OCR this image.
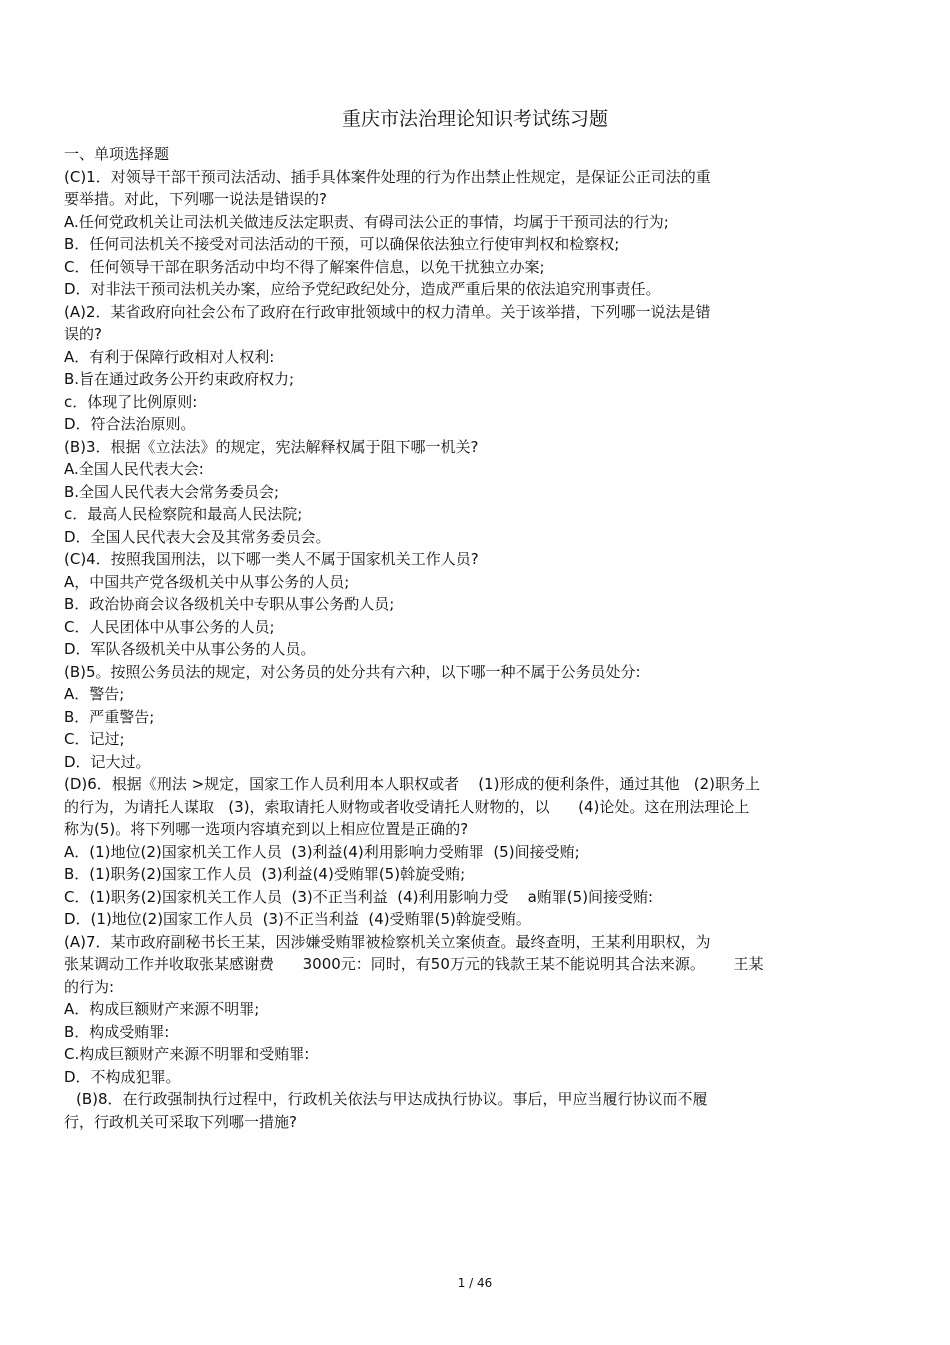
重庆市法治理论知识考试练习题
一、单项选择题
(C)1．对领导干部干预司法活动、插手具体案件处理的行为作出禁止性规定，是保证公正司法的重
要举措。对此，下列哪一说法是错误的?
A.任何党政机关让司法机关做违反法定职责、有碍司法公正的事情，均属于干预司法的行为;
B．任何司法机关不接受对司法活动的干预，可以确保依法独立行使审判权和检察权;
C．任何领导干部在职务活动中均不得了解案件信息，以免干扰独立办案;
D．对非法干预司法机关办案，应给予党纪政纪处分，造成严重后果的依法追究刑事责任。
(A)2．某省政府向社会公布了政府在行政审批领域中的权力清单。关于该举措，下列哪一说法是错
误的?
A．有利于保障行政相对人权利:
B.旨在通过政务公开约束政府权力;
c．体现了比例原则:
D．符合法治原则。
(B)3．根据《立法法》的规定，宪法解释权属于阻下哪一机关?
A.全国人民代表大会:
B.全国人民代表大会常务委员会;
c．最高人民检察院和最高人民法院;
D．全国人民代表大会及其常务委员会。
(C)4．按照我国刑法，以下哪一类人不属于国家机关工作人员?
A，中国共产党各级机关中从事公务的人员;
B．政治协商会议各级机关中专职从事公务酌人员;
C．人民团体中从事公务的人员;
D．军队各级机关中从事公务的人员。
(B)5。按照公务员法的规定，对公务员的处分共有六种，以下哪一种不属于公务员处分:
A．警告;
B．严重警告;
C．记过;
D．记大过。
(D)6．根据《刑法 >规定，国家工作人员利用本人职权或者    (1)形成的便利条件，通过其他   (2)职务上
的行为，为请托人谋取   (3)，索取请托人财物或者收受请托人财物的，以      (4)论处。这在刑法理论上
称为(5)。将下列哪一选项内容填充到以上相应位置是正确的?
A．(1)地位(2)国家机关工作人员  (3)利益(4)利用影响力受贿罪  (5)间接受贿;
B．(1)职务(2)国家工作人员  (3)利益(4)受贿罪(5)斡旋受贿;
C．(1)职务(2)国家机关工作人员  (3)不正当利益  (4)利用影响力受    a贿罪(5)间接受贿:
D．(1)地位(2)国家工作人员  (3)不正当利益  (4)受贿罪(5)斡旋受贿。
(A)7．某市政府副秘书长王某，因涉嫌受贿罪被检察机关立案侦查。最终查明，王某利用职权，为
张某调动工作并收取张某感谢费      3000元：同时，有50万元的钱款王某不能说明其合法来源。      王某
的行为:
A．构成巨额财产来源不明罪;
B．构成受贿罪:
C.构成巨额财产来源不明罪和受贿罪:
D．不构成犯罪。
(B)8．在行政强制执行过程中，行政机关依法与甲达成执行协议。事后，甲应当履行协议而不履
行，行政机关可采取下列哪一措施?
1 / 46
